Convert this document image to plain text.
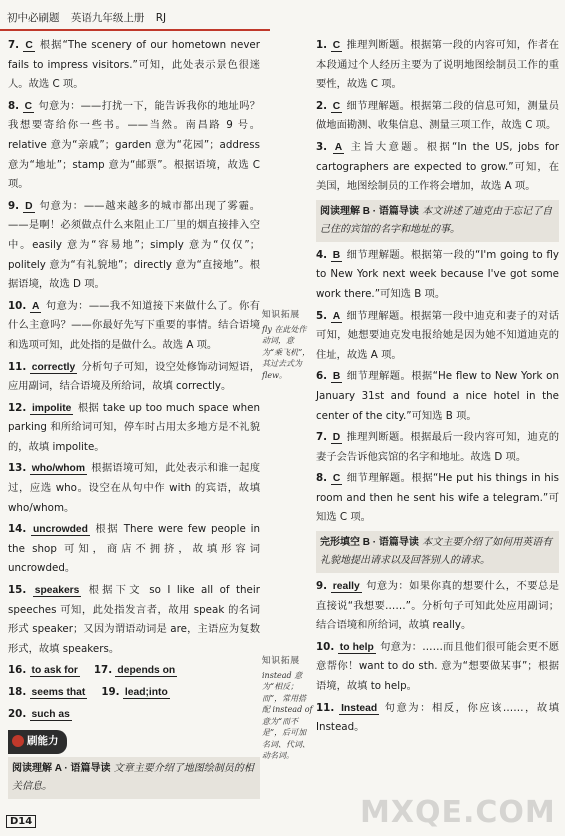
初中必刷题 英语九年级上册 RJ
7. C 根据“The scenery of our hometown never fails to impress visitors.”可知，此处表示景色很迷人。故选 C 项。
8. C 句意为：——打扰一下，能告诉我你的地址吗？我想要寄给你一些书。——当然。南昌路 9 号。relative 意为“亲戚”；garden 意为“花园”；address 意为“地址”；stamp 意为“邮票”。根据语境，故选 C 项。
9. D 句意为：——越来越多的城市都出现了雾霾。——是啊！必须做点什么来阻止工厂里的烟直接排入空中。easily 意为“容易地”；simply 意为“仅仅”；politely 意为“有礼貌地”；directly 意为“直接地”。根据语境，故选 D 项。
10. A 句意为：——我不知道接下来做什么了。你有什么主意吗？——你最好先写下重要的事情。结合语境和选项可知，此处指的是做什么。故选 A 项。
11. correctly 分析句子可知，设空处修饰动词短语，应用副词，结合语境及所给词，故填 correctly。
12. impolite 根据 take up too much space when parking 和所给词可知，停车时占用太多地方是不礼貌的，故填 impolite。
13. who/whom 根据语境可知，此处表示和谁一起度过，应选 who。设空在从句中作 with 的宾语，故填 who/whom。
14. uncrowded 根据 There were few people in the shop 可知，商店不拥挤，故填形容词 uncrowded。
15. speakers 根据下文 so I like all of their speeches 可知，此处指发言者，故用 speak 的名词形式 speaker；又因为谓语动词是 are，主语应为复数形式，故填 speakers。
16. to ask for 17. depends on
18. seems that 19. lead;into
20. such as
刷能力
阅读理解 A · 语篇导读 文章主要介绍了地图绘制员的相关信息。
知识拓展
fly 在此处作动词，意为“乘飞机”，其过去式为 flew。
知识拓展
instead 意为“相反；而”，常用搭配 instead of 意为“而不是”，后可加名词、代词、动名词。
1. C 推理判断题。根据第一段的内容可知，作者在本段通过个人经历主要为了说明地图绘制员工作的重要性，故选 C 项。
2. C 细节理解题。根据第二段的信息可知，测量员做地面勘测、收集信息、测量三项工作，故选 C 项。
3. A 主旨大意题。根据“In the US, jobs for cartographers are expected to grow.”可知，在美国，地图绘制员的工作将会增加，故选 A 项。
阅读理解 B · 语篇导读 本文讲述了迪克由于忘记了自己住的宾馆的名字和地址的事。
4. B 细节理解题。根据第一段的“I'm going to fly to New York next week because I've got some work there.”可知选 B 项。
5. A 细节理解题。根据第一段中迪克和妻子的对话可知，她想要迪克发电报给她是因为她不知道迪克的住址，故选 A 项。
6. B 细节理解题。根据“He flew to New York on January 31st and found a nice hotel in the center of the city.”可知选 B 项。
7. D 推理判断题。根据最后一段内容可知，迪克的妻子会告诉他宾馆的名字和地址。故选 D 项。
8. C 细节理解题。根据“He put his things in his room and then he sent his wife a telegram.”可知选 C 项。
完形填空 B · 语篇导读 本文主要介绍了如何用英语有礼貌地提出请求以及回答别人的请求。
9. really 句意为：如果你真的想要什么，不要总是直接说“我想要……”。分析句子可知此处应用副词；结合语境和所给词，故填 really。
10. to help 句意为：……而且他们很可能会更不愿意帮你！want to do sth. 意为“想要做某事”；根据语境，故填 to help。
11. Instead 句意为：相反，你应该……，故填 Instead。
D14	MXQE.COM
